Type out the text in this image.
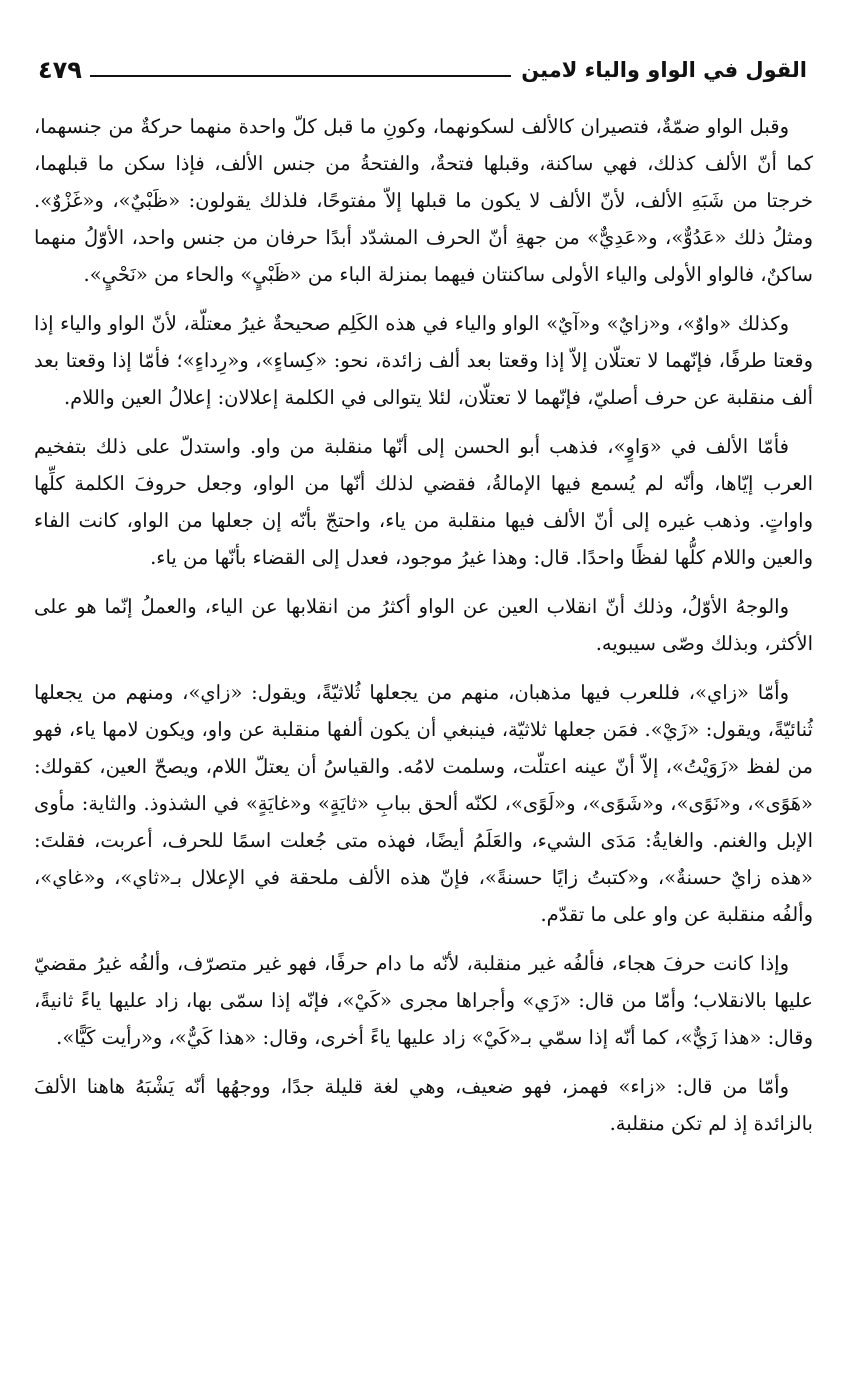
القول في الواو والياء لامين
٤٧٩

وقبل الواو ضمّةٌ، فتصيران كالألف لسكونهما، وكونِ ما قبل كلّ واحدة منهما حركةٌ من جنسهما، كما أنّ الألف كذلك، فهي ساكنة، وقبلها فتحةٌ، والفتحةُ من جنس الألف، فإذا سكن ما قبلهما، خرجتا من شَبَهِ الألف، لأنّ الألف لا يكون ما قبلها إلاّ مفتوحًا، فلذلك يقولون: «ظَبْيٌ»، و«غَزْوٌ». ومثلُ ذلك «عَدُوٌّ»، و«عَدِيٌّ» من جهةِ أنّ الحرف المشدّد أبدًا حرفان من جنس واحد، الأوّلُ منهما ساكنٌ، فالواو الأولى والياء الأولى ساكنتان فيهما بمنزلة الباء من «ظَبْيٍ» والحاء من «نَحْيٍ».

وكذلك «واوٌ»، و«زايٌ» و«آيٌ» الواو والياء في هذه الكَلِم صحيحةٌ غيرُ معتلّة، لأنّ الواو والياء إذا وقعتا طرفًا، فإنّهما لا تعتلّان إلاّ إذا وقعتا بعد ألف زائدة، نحو: «كِساءٍ»، و«رِداءٍ»؛ فأمّا إذا وقعتا بعد ألف منقلبة عن حرف أصليّ، فإنّهما لا تعتلّان، لئلا يتوالى في الكلمة إعلالان: إعلالُ العين واللام.

فأمّا الألف في «وَاوٍ»، فذهب أبو الحسن إلى أنّها منقلبة من واو. واستدلّ على ذلك بتفخيم العرب إيّاها، وأنّه لم يُسمع فيها الإمالةُ، فقضي لذلك أنّها من الواو، وجعل حروفَ الكلمة كلِّها واواتٍ. وذهب غيره إلى أنّ الألف فيها منقلبة من ياء، واحتجّ بأنّه إن جعلها من الواو، كانت الفاء والعين واللام كلُّها لفظًا واحدًا. قال: وهذا غيرُ موجود، فعدل إلى القضاء بأنّها من ياء.

والوجهُ الأوّلُ، وذلك أنّ انقلاب العين عن الواو أكثرُ من انقلابها عن الياء، والعملُ إنّما هو على الأكثر، وبذلك وصّى سيبويه.

وأمّا «زاي»، فللعرب فيها مذهبان، منهم من يجعلها ثُلاثيّةً، ويقول: «زاي»، ومنهم من يجعلها ثُنائيّةً، ويقول: «زَيْ». فمَن جعلها ثلاثيّة، فينبغي أن يكون ألفها منقلبة عن واو، ويكون لامها ياء، فهو من لفظ «زَوَيْتُ»، إلاّ أنّ عينه اعتلّت، وسلمت لامُه. والقياسُ أن يعتلّ اللام، ويصحّ العين، كقولك: «هَوًى»، و«نَوًى»، و«شَوًى»، و«لَوًى»، لكنّه ألحق ببابِ «ثايَةٍ» و«غايَةٍ» في الشذوذ. والثاية: مأوى الإبل والغنم. والغايةُ: مَدَى الشيء، والعَلَمُ أيضًا، فهذه متى جُعلت اسمًا للحرف، أعربت، فقلتَ: «هذه زايٌ حسنةٌ»، و«كتبتُ زايًا حسنةً»، فإنّ هذه الألف ملحقة في الإعلال بـ«ثاي»، و«غاي»، وألفُه منقلبة عن واو على ما تقدّم.

وإذا كانت حرفَ هجاء، فألفُه غير منقلبة، لأنّه ما دام حرفًا، فهو غير متصرّف، وألفُه غيرُ مقضيّ عليها بالانقلاب؛ وأمّا من قال: «زَي» وأجراها مجرى «كَيْ»، فإنّه إذا سمّى بها، زاد عليها ياءً ثانيةً، وقال: «هذا زَيٌّ»، كما أنّه إذا سمّي بـ«كَيْ» زاد عليها ياءً أخرى، وقال: «هذا كَيٌّ»، و«رأيت كَيًّا».

وأمّا من قال: «زاء» فهمز، فهو ضعيف، وهي لغة قليلة جدًا، ووجهُها أنّه يَشْبَهُ هاهنا الألفَ بالزائدة إذ لم تكن منقلبة.
